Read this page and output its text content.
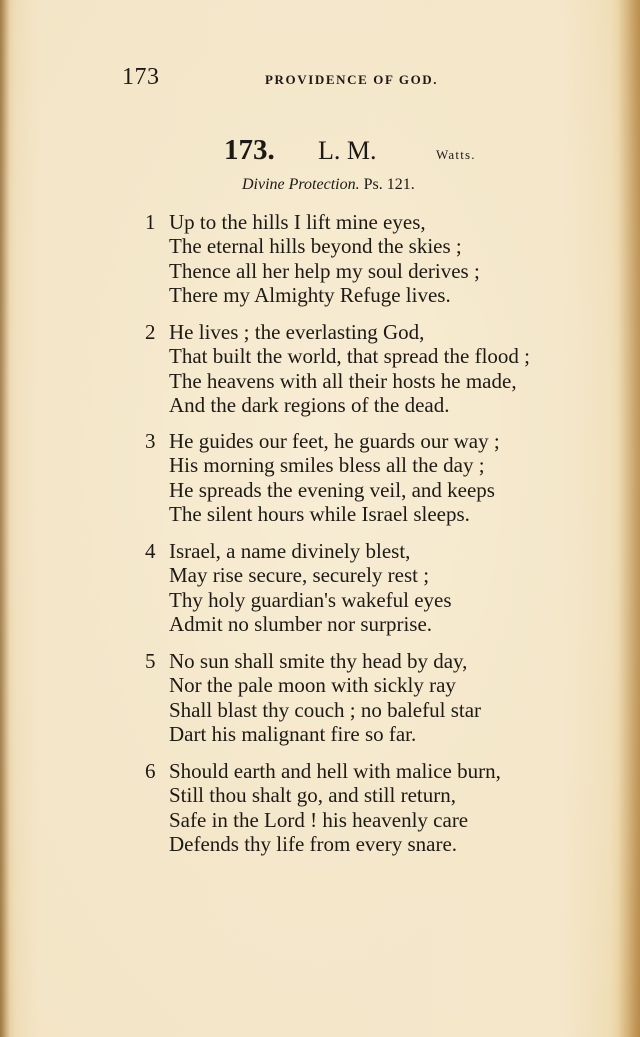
173	PROVIDENCE OF GOD.
173. L. M.	Watts.
Divine Protection. Ps. 121.
1 Up to the hills I lift mine eyes,
The eternal hills beyond the skies ;
Thence all her help my soul derives ;
There my Almighty Refuge lives.
2 He lives ; the everlasting God,
That built the world, that spread the flood ;
The heavens with all their hosts he made,
And the dark regions of the dead.
3 He guides our feet, he guards our way ;
His morning smiles bless all the day ;
He spreads the evening veil, and keeps
The silent hours while Israel sleeps.
4 Israel, a name divinely blest,
May rise secure, securely rest ;
Thy holy guardian's wakeful eyes
Admit no slumber nor surprise.
5 No sun shall smite thy head by day,
Nor the pale moon with sickly ray
Shall blast thy couch ; no baleful star
Dart his malignant fire so far.
6 Should earth and hell with malice burn,
Still thou shalt go, and still return,
Safe in the Lord ! his heavenly care
Defends thy life from every snare.
